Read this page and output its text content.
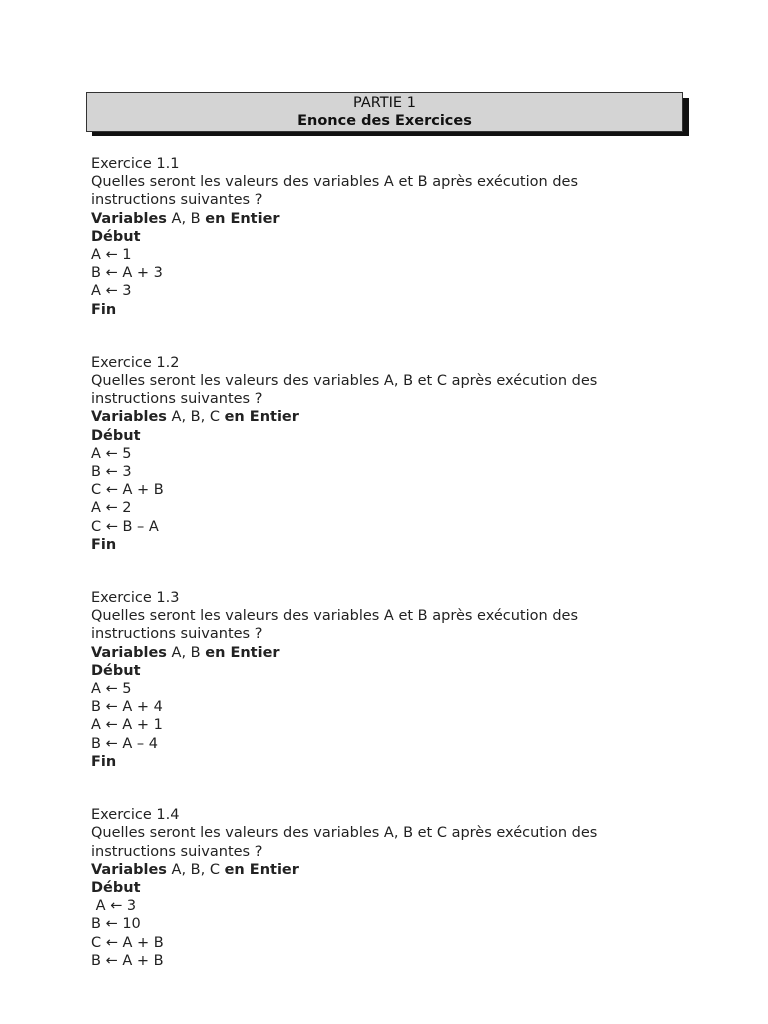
PARTIE 1
Enonce des Exercices
Exercice 1.1
Quelles seront les valeurs des variables A et B après exécution des
instructions suivantes ?
Variables A, B en Entier
Début
A ← 1
B ← A + 3
A ← 3
Fin
Exercice 1.2
Quelles seront les valeurs des variables A, B et C après exécution des
instructions suivantes ?
Variables A, B, C en Entier
Début
A ← 5
B ← 3
C ← A + B
A ← 2
C ← B – A
Fin
Exercice 1.3
Quelles seront les valeurs des variables A et B après exécution des
instructions suivantes ?
Variables A, B en Entier
Début
A ← 5
B ← A + 4
A ← A + 1
B ← A – 4
Fin
Exercice 1.4
Quelles seront les valeurs des variables A, B et C après exécution des
instructions suivantes ?
Variables A, B, C en Entier
Début
A ← 3
B ← 10
C ← A + B
B ← A + B
